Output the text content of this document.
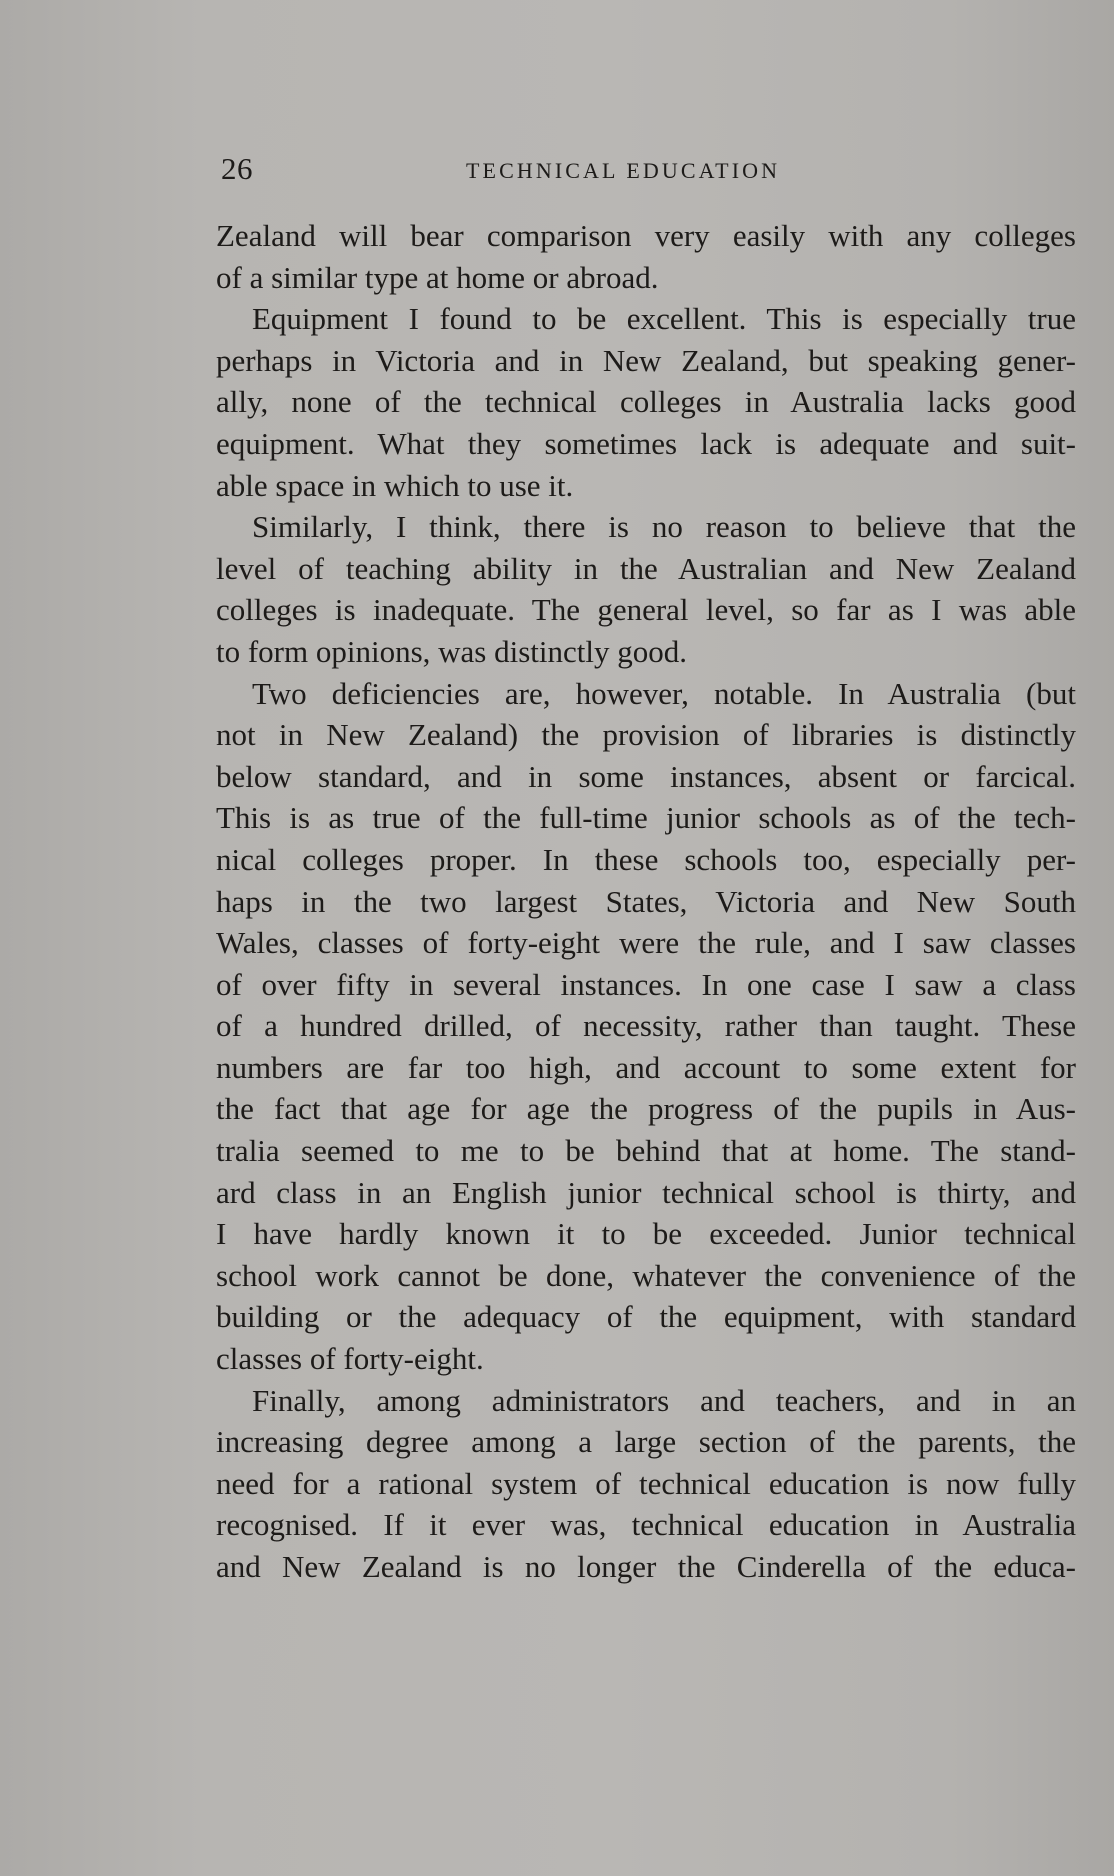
26	TECHNICAL EDUCATION
Zealand will bear comparison very easily with any colleges
of a similar type at home or abroad.
Equipment I found to be excellent. This is especially true
perhaps in Victoria and in New Zealand, but speaking gener-
ally, none of the technical colleges in Australia lacks good
equipment. What they sometimes lack is adequate and suit-
able space in which to use it.
Similarly, I think, there is no reason to believe that the
level of teaching ability in the Australian and New Zealand
colleges is inadequate. The general level, so far as I was able
to form opinions, was distinctly good.
Two deficiencies are, however, notable. In Australia (but
not in New Zealand) the provision of libraries is distinctly
below standard, and in some instances, absent or farcical.
This is as true of the full-time junior schools as of the tech-
nical colleges proper. In these schools too, especially per-
haps in the two largest States, Victoria and New South
Wales, classes of forty-eight were the rule, and I saw classes
of over fifty in several instances. In one case I saw a class
of a hundred drilled, of necessity, rather than taught. These
numbers are far too high, and account to some extent for
the fact that age for age the progress of the pupils in Aus-
tralia seemed to me to be behind that at home. The stand-
ard class in an English junior technical school is thirty, and
I have hardly known it to be exceeded. Junior technical
school work cannot be done, whatever the convenience of the
building or the adequacy of the equipment, with standard
classes of forty-eight.
Finally, among administrators and teachers, and in an
increasing degree among a large section of the parents, the
need for a rational system of technical education is now fully
recognised. If it ever was, technical education in Australia
and New Zealand is no longer the Cinderella of the educa-
